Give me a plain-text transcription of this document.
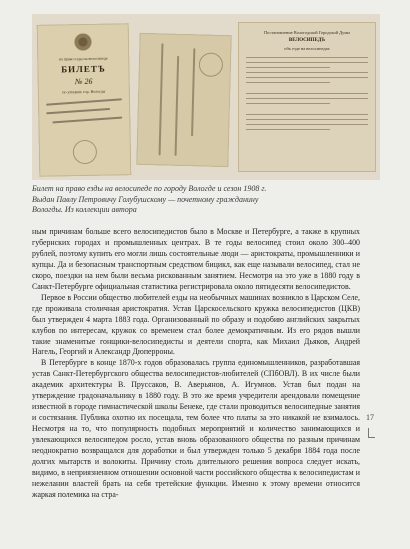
на право езды на велосипеде
БИЛЕТЪ
№ 26
по улицамъ гор. Вологды
Постановление Вологодской Городской Думы
ВЕЛОСИПЕДЪ
объ езде на велосипедах
Билет на право езды на велосипеде по городу Вологде и сезон 1908 г. Выдан Павлу Петровичу Голубушскому — почетному гражданину Вологды. Из коллекции автора

ным причинам больше всего велосипедистов было в Москве и Петербурге, а также в крупных губернских городах и промышленных центрах. В те годы велосипед стоил около 300–400 рублей, поэтому купить его могли лишь состоятельные люди — аристократы, промышленники и купцы. Да и безопасным транспортным средством бицикл, как еще называли велосипед, стал не скоро, поездки на нем были весьма рискованным занятием. Несмотря на это уже в 1880 году в Санкт-Петербурге официальная статистика регистрировала около пятидесяти велосипедистов.

Первое в России общество любителей езды на необычных машинах возникло в Царском Селе, где проживала столичная аристократия. Устав Царскосельского кружка велосипедистов (ЦКВ) был утвержден 4 марта 1883 года. Организованный по образу и подобию английских закрытых клубов по интересам, кружок со временем стал более демократичным. Из его рядов вышли такие знаменитые гонщики-велосипедисты и деятели спорта, как Михаил Дьяков, Андрей Нагель, Георгий и Александр Дюперроны.

В Петербурге в конце 1870-х годов образовалась группа единомышленников, разработавшая устав Санкт-Петербургского общества велосипедистов-любителей (СПбОВЛ). В их числе были академик архитектуры В. Пруссаков, В. Аверьянов, А. Игумнов. Устав был подан на утверждение градоначальнику в 1880 году. В это же время учредители арендовали помещение известной в городе гимнастической школы Бенеке, где стали проводиться велосипедные занятия и состязания. Публика охотно их посещала, тем более что платы за это никакой не взималось. Несмотря на то, что популярность подобных мероприятий и количество занимающихся и увлекающихся велосипедом росло, устав вновь образованного общества по разным причинам неоднократно возвращался для доработки и был утвержден только 5 декабря 1884 года после долгих мытарств и волокиты. Причину столь длительного решения вопроса следует искать, видимо, в неприязненном отношении основной части российского общества к велосипедистам и нежелании властей брать на себя третейские функции. Именно к этому времени относится жаркая полемика на стра-

17
